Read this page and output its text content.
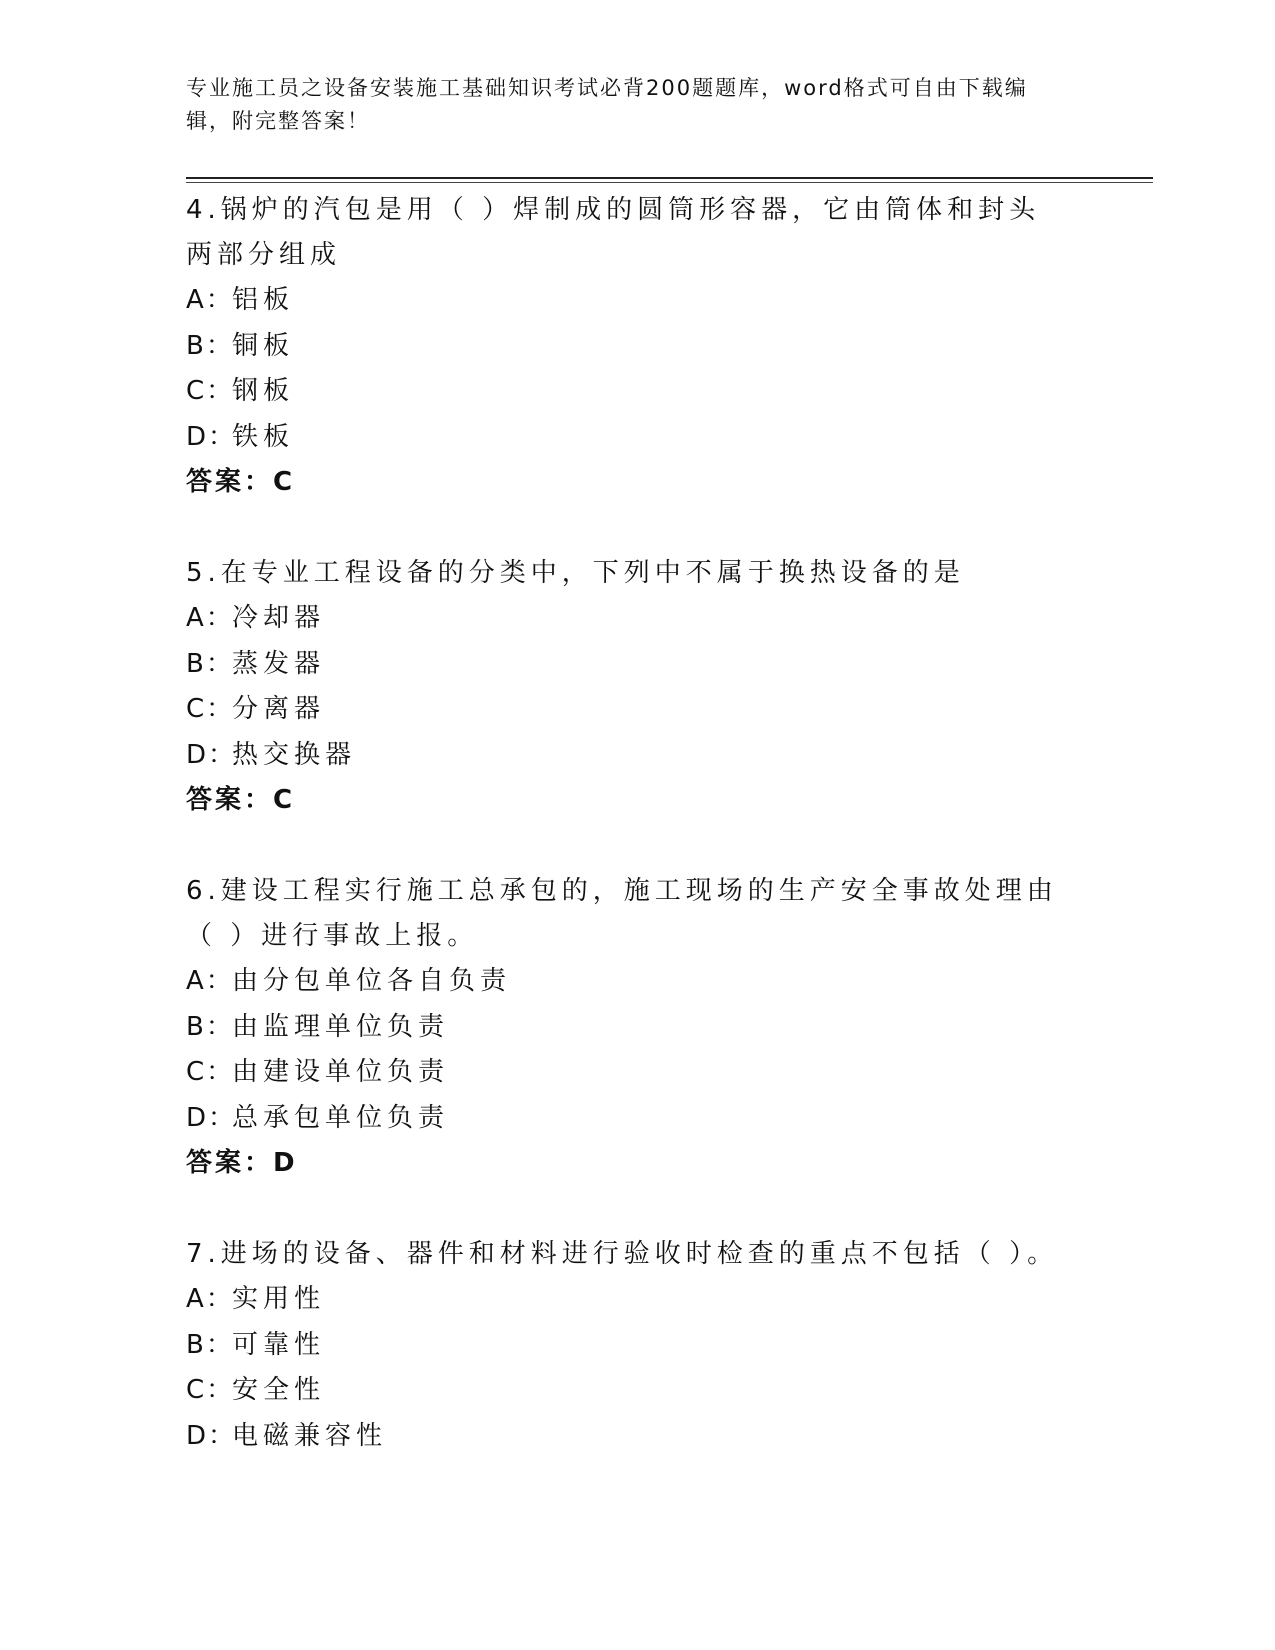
专业施工员之设备安装施工基础知识考试必背200题题库，word格式可自由下载编辑，附完整答案！
4.锅炉的汽包是用（ ）焊制成的圆筒形容器，它由筒体和封头两部分组成
A：铝板
B：铜板
C：钢板
D：铁板
答案：C
5.在专业工程设备的分类中，下列中不属于换热设备的是
A：冷却器
B：蒸发器
C：分离器
D：热交换器
答案：C
6.建设工程实行施工总承包的，施工现场的生产安全事故处理由（ ）进行事故上报。
A：由分包单位各自负责
B：由监理单位负责
C：由建设单位负责
D：总承包单位负责
答案：D
7.进场的设备、器件和材料进行验收时检查的重点不包括（ ）。
A：实用性
B：可靠性
C：安全性
D：电磁兼容性
